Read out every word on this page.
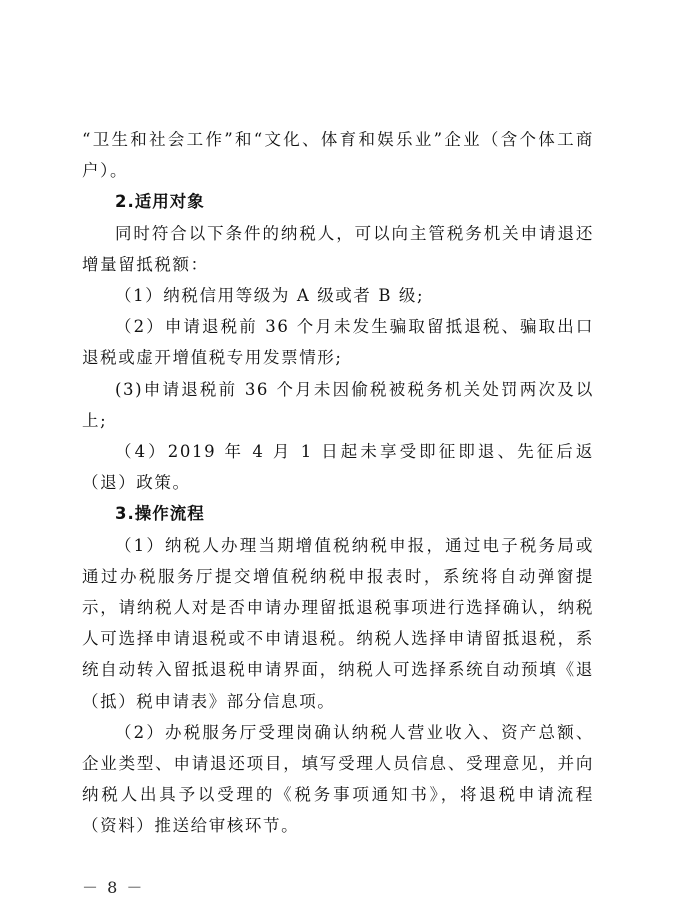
“卫生和社会工作”和“文化、体育和娱乐业”企业（含个体工商户）。

2.适用对象

同时符合以下条件的纳税人，可以向主管税务机关申请退还增量留抵税额：

（1）纳税信用等级为 A 级或者 B 级;

（2）申请退税前 36 个月未发生骗取留抵退税、骗取出口退税或虚开增值税专用发票情形;

(3)申请退税前 36 个月未因偷税被税务机关处罚两次及以上;

（4）2019 年 4 月 1 日起未享受即征即退、先征后返（退）政策。

3.操作流程

（1）纳税人办理当期增值税纳税申报，通过电子税务局或通过办税服务厅提交增值税纳税申报表时，系统将自动弹窗提示，请纳税人对是否申请办理留抵退税事项进行选择确认，纳税人可选择申请退税或不申请退税。纳税人选择申请留抵退税，系统自动转入留抵退税申请界面，纳税人可选择系统自动预填《退（抵）税申请表》部分信息项。

（2）办税服务厅受理岗确认纳税人营业收入、资产总额、企业类型、申请退还项目，填写受理人员信息、受理意见，并向纳税人出具予以受理的《税务事项通知书》，将退税申请流程（资料）推送给审核环节。

－ 8 －
